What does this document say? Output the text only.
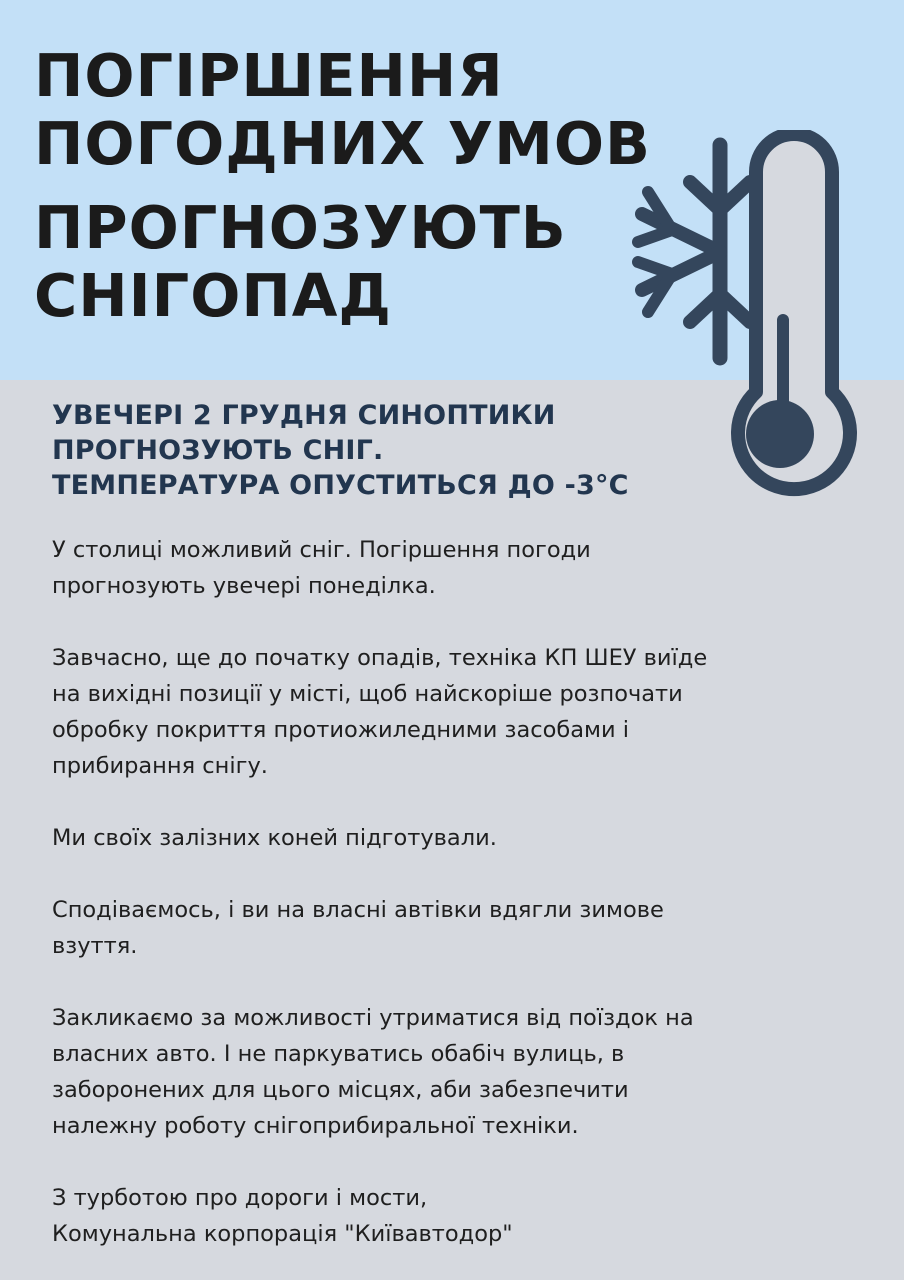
ПОГІРШЕННЯ
ПОГОДНИХ УМОВ
ПРОГНОЗУЮТЬ
СНІГОПАД
УВЕЧЕРІ 2 ГРУДНЯ СИНОПТИКИ
ПРОГНОЗУЮТЬ СНІГ.
ТЕМПЕРАТУРА ОПУСТИТЬСЯ ДО -3°С

У столиці можливий сніг. Погіршення погоди
прогнозують увечері понеділка.

Завчасно, ще до початку опадів, техніка КП ШЕУ виїде
на вихідні позиції у місті, щоб найскоріше розпочати
обробку покриття протиожиледними засобами і
прибирання снігу.

Ми своїх залізних коней підготували.

Сподіваємось, і ви на власні автівки вдягли зимове
взуття.

Закликаємо за можливості утриматися від поїздок на
власних авто. І не паркуватись обабіч вулиць, в
заборонених для цього місцях, аби забезпечити
належну роботу снігоприбиральної техніки.

З турботою про дороги і мости,
Комунальна корпорація "Київавтодор"
